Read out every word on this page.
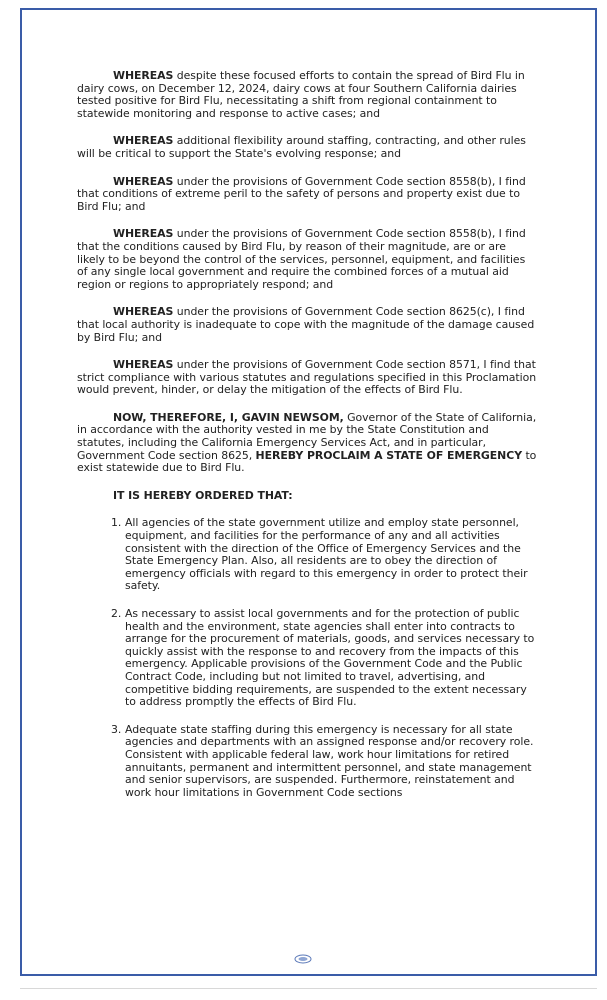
WHEREAS despite these focused efforts to contain the spread of Bird Flu in dairy cows, on December 12, 2024, dairy cows at four Southern California dairies tested positive for Bird Flu, necessitating a shift from regional containment to statewide monitoring and response to active cases; and

WHEREAS additional flexibility around staffing, contracting, and other rules will be critical to support the State's evolving response; and

WHEREAS under the provisions of Government Code section 8558(b), I find that conditions of extreme peril to the safety of persons and property exist due to Bird Flu; and

WHEREAS under the provisions of Government Code section 8558(b), I find that the conditions caused by Bird Flu, by reason of their magnitude, are or are likely to be beyond the control of the services, personnel, equipment, and facilities of any single local government and require the combined forces of a mutual aid region or regions to appropriately respond; and

WHEREAS under the provisions of Government Code section 8625(c), I find that local authority is inadequate to cope with the magnitude of the damage caused by Bird Flu; and

WHEREAS under the provisions of Government Code section 8571, I find that strict compliance with various statutes and regulations specified in this Proclamation would prevent, hinder, or delay the mitigation of the effects of Bird Flu.

NOW, THEREFORE, I, GAVIN NEWSOM, Governor of the State of California, in accordance with the authority vested in me by the State Constitution and statutes, including the California Emergency Services Act, and in particular, Government Code section 8625, HEREBY PROCLAIM A STATE OF EMERGENCY to exist statewide due to Bird Flu.

IT IS HEREBY ORDERED THAT:
1. All agencies of the state government utilize and employ state personnel, equipment, and facilities for the performance of any and all activities consistent with the direction of the Office of Emergency Services and the State Emergency Plan. Also, all residents are to obey the direction of emergency officials with regard to this emergency in order to protect their safety.
2. As necessary to assist local governments and for the protection of public health and the environment, state agencies shall enter into contracts to arrange for the procurement of materials, goods, and services necessary to quickly assist with the response to and recovery from the impacts of this emergency. Applicable provisions of the Government Code and the Public Contract Code, including but not limited to travel, advertising, and competitive bidding requirements, are suspended to the extent necessary to address promptly the effects of Bird Flu.
3. Adequate state staffing during this emergency is necessary for all state agencies and departments with an assigned response and/or recovery role. Consistent with applicable federal law, work hour limitations for retired annuitants, permanent and intermittent personnel, and state management and senior supervisors, are suspended. Furthermore, reinstatement and work hour limitations in Government Code sections
